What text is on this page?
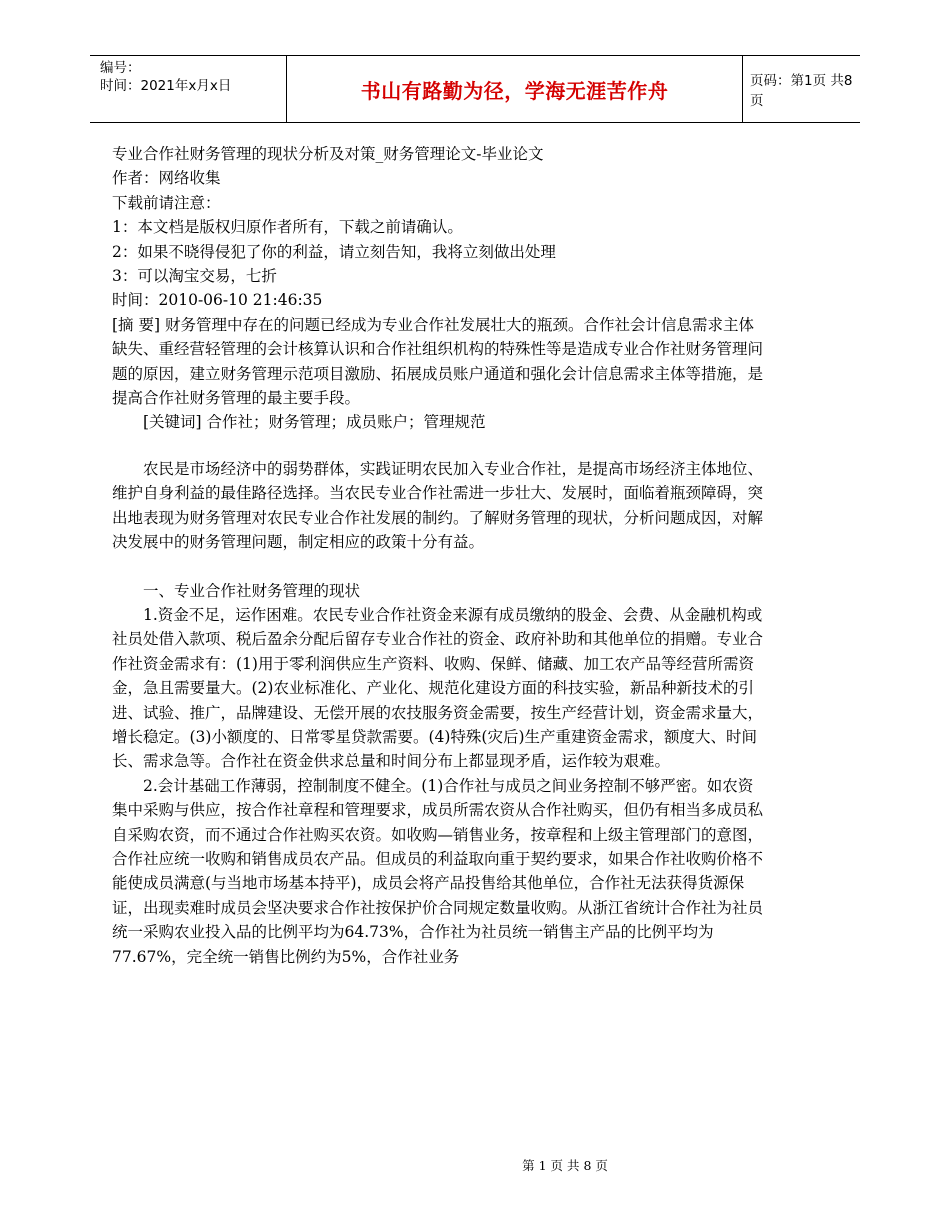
编号：
时间：2021年x月x日	书山有路勤为径，学海无涯苦作舟	页码：第1页 共8页

专业合作社财务管理的现状分析及对策_财务管理论文-毕业论文

作者：网络收集

下载前请注意：

1：本文档是版权归原作者所有，下载之前请确认。

2：如果不晓得侵犯了你的利益，请立刻告知，我将立刻做出处理

3：可以淘宝交易，七折

时间：2010-06-10 21:46:35

[摘 要] 财务管理中存在的问题已经成为专业合作社发展壮大的瓶颈。合作社会计信息需求主体缺失、重经营轻管理的会计核算认识和合作社组织机构的特殊性等是造成专业合作社财务管理问题的原因，建立财务管理示范项目激励、拓展成员账户通道和强化会计信息需求主体等措施，是提高合作社财务管理的最主要手段。

[关键词] 合作社；财务管理；成员账户；管理规范

农民是市场经济中的弱势群体，实践证明农民加入专业合作社，是提高市场经济主体地位、维护自身利益的最佳路径选择。当农民专业合作社需进一步壮大、发展时，面临着瓶颈障碍，突出地表现为财务管理对农民专业合作社发展的制约。了解财务管理的现状，分析问题成因，对解决发展中的财务管理问题，制定相应的政策十分有益。

一、专业合作社财务管理的现状

1.资金不足，运作困难。农民专业合作社资金来源有成员缴纳的股金、会费、从金融机构或社员处借入款项、税后盈余分配后留存专业合作社的资金、政府补助和其他单位的捐赠。专业合作社资金需求有：(1)用于零利润供应生产资料、收购、保鲜、储藏、加工农产品等经营所需资金，急且需要量大。(2)农业标准化、产业化、规范化建设方面的科技实验，新品种新技术的引进、试验、推广，品牌建设、无偿开展的农技服务资金需要，按生产经营计划，资金需求量大，增长稳定。(3)小额度的、日常零星贷款需要。(4)特殊(灾后)生产重建资金需求，额度大、时间长、需求急等。合作社在资金供求总量和时间分布上都显现矛盾，运作较为艰难。

2.会计基础工作薄弱，控制制度不健全。(1)合作社与成员之间业务控制不够严密。如农资集中采购与供应，按合作社章程和管理要求，成员所需农资从合作社购买，但仍有相当多成员私自采购农资，而不通过合作社购买农资。如收购—销售业务，按章程和上级主管理部门的意图，合作社应统一收购和销售成员农产品。但成员的利益取向重于契约要求，如果合作社收购价格不能使成员满意(与当地市场基本持平)，成员会将产品投售给其他单位，合作社无法获得货源保证，出现卖难时成员会坚决要求合作社按保护价合同规定数量收购。从浙江省统计合作社为社员统一采购农业投入品的比例平均为64.73%，合作社为社员统一销售主产品的比例平均为77.67%，完全统一销售比例约为5%，合作社业务

第 1 页 共 8 页
